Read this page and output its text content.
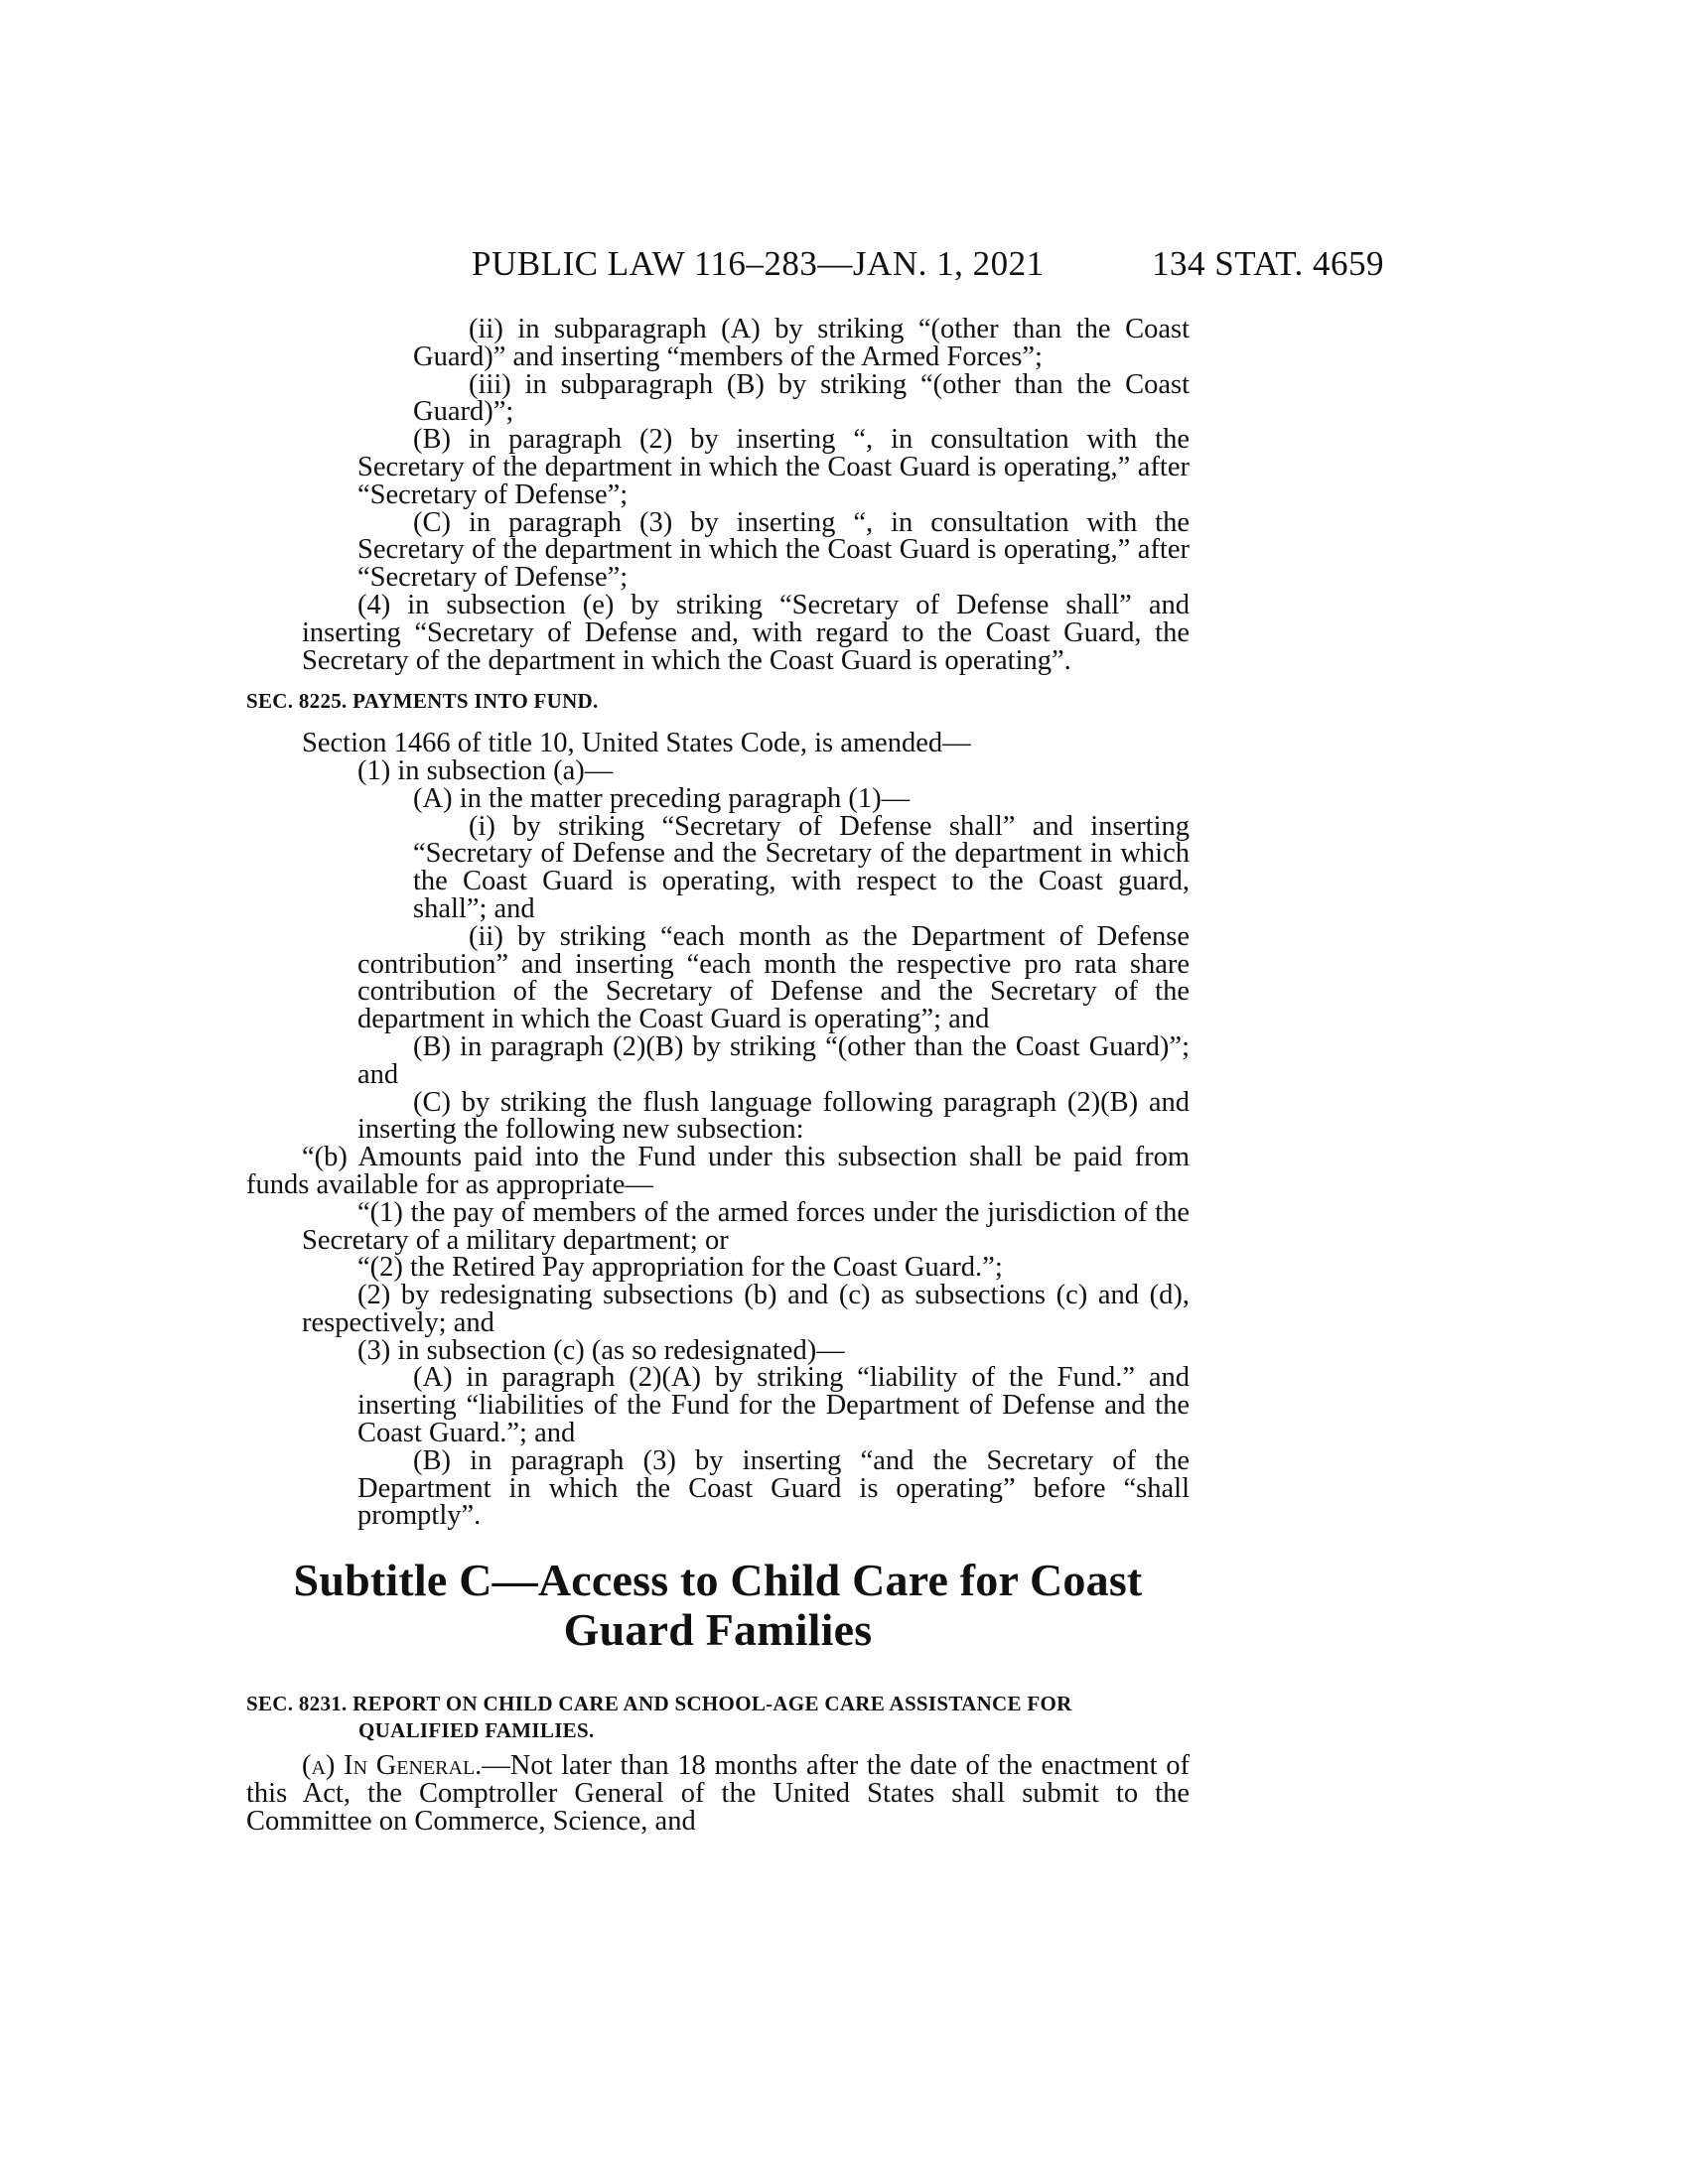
PUBLIC LAW 116–283—JAN. 1, 2021	134 STAT. 4659

(ii) in subparagraph (A) by striking “(other than the Coast Guard)” and inserting “members of the Armed Forces”;

(iii) in subparagraph (B) by striking “(other than the Coast Guard)”;

(B) in paragraph (2) by inserting “, in consultation with the Secretary of the department in which the Coast Guard is operating,” after “Secretary of Defense”;

(C) in paragraph (3) by inserting “, in consultation with the Secretary of the department in which the Coast Guard is operating,” after “Secretary of Defense”;

(4) in subsection (e) by striking “Secretary of Defense shall” and inserting “Secretary of Defense and, with regard to the Coast Guard, the Secretary of the department in which the Coast Guard is operating”.

SEC. 8225. PAYMENTS INTO FUND.

Section 1466 of title 10, United States Code, is amended—

(1) in subsection (a)—

(A) in the matter preceding paragraph (1)—

(i) by striking “Secretary of Defense shall” and inserting “Secretary of Defense and the Secretary of the department in which the Coast Guard is operating, with respect to the Coast guard, shall”; and

(ii) by striking “each month as the Department of Defense contribution” and inserting “each month the respective pro rata share contribution of the Secretary of Defense and the Secretary of the department in which the Coast Guard is operating”; and

(B) in paragraph (2)(B) by striking “(other than the Coast Guard)”; and

(C) by striking the flush language following paragraph (2)(B) and inserting the following new subsection:

“(b) Amounts paid into the Fund under this subsection shall be paid from funds available for as appropriate—

“(1) the pay of members of the armed forces under the jurisdiction of the Secretary of a military department; or

“(2) the Retired Pay appropriation for the Coast Guard.”;

(2) by redesignating subsections (b) and (c) as subsections (c) and (d), respectively; and

(3) in subsection (c) (as so redesignated)—

(A) in paragraph (2)(A) by striking “liability of the Fund.” and inserting “liabilities of the Fund for the Department of Defense and the Coast Guard.”; and

(B) in paragraph (3) by inserting “and the Secretary of the Department in which the Coast Guard is operating” before “shall promptly”.

Subtitle C—Access to Child Care for Coast Guard Families
SEC. 8231. REPORT ON CHILD CARE AND SCHOOL-AGE CARE ASSISTANCE FOR QUALIFIED FAMILIES.

(a) In General.—Not later than 18 months after the date of the enactment of this Act, the Comptroller General of the United States shall submit to the Committee on Commerce, Science, and
